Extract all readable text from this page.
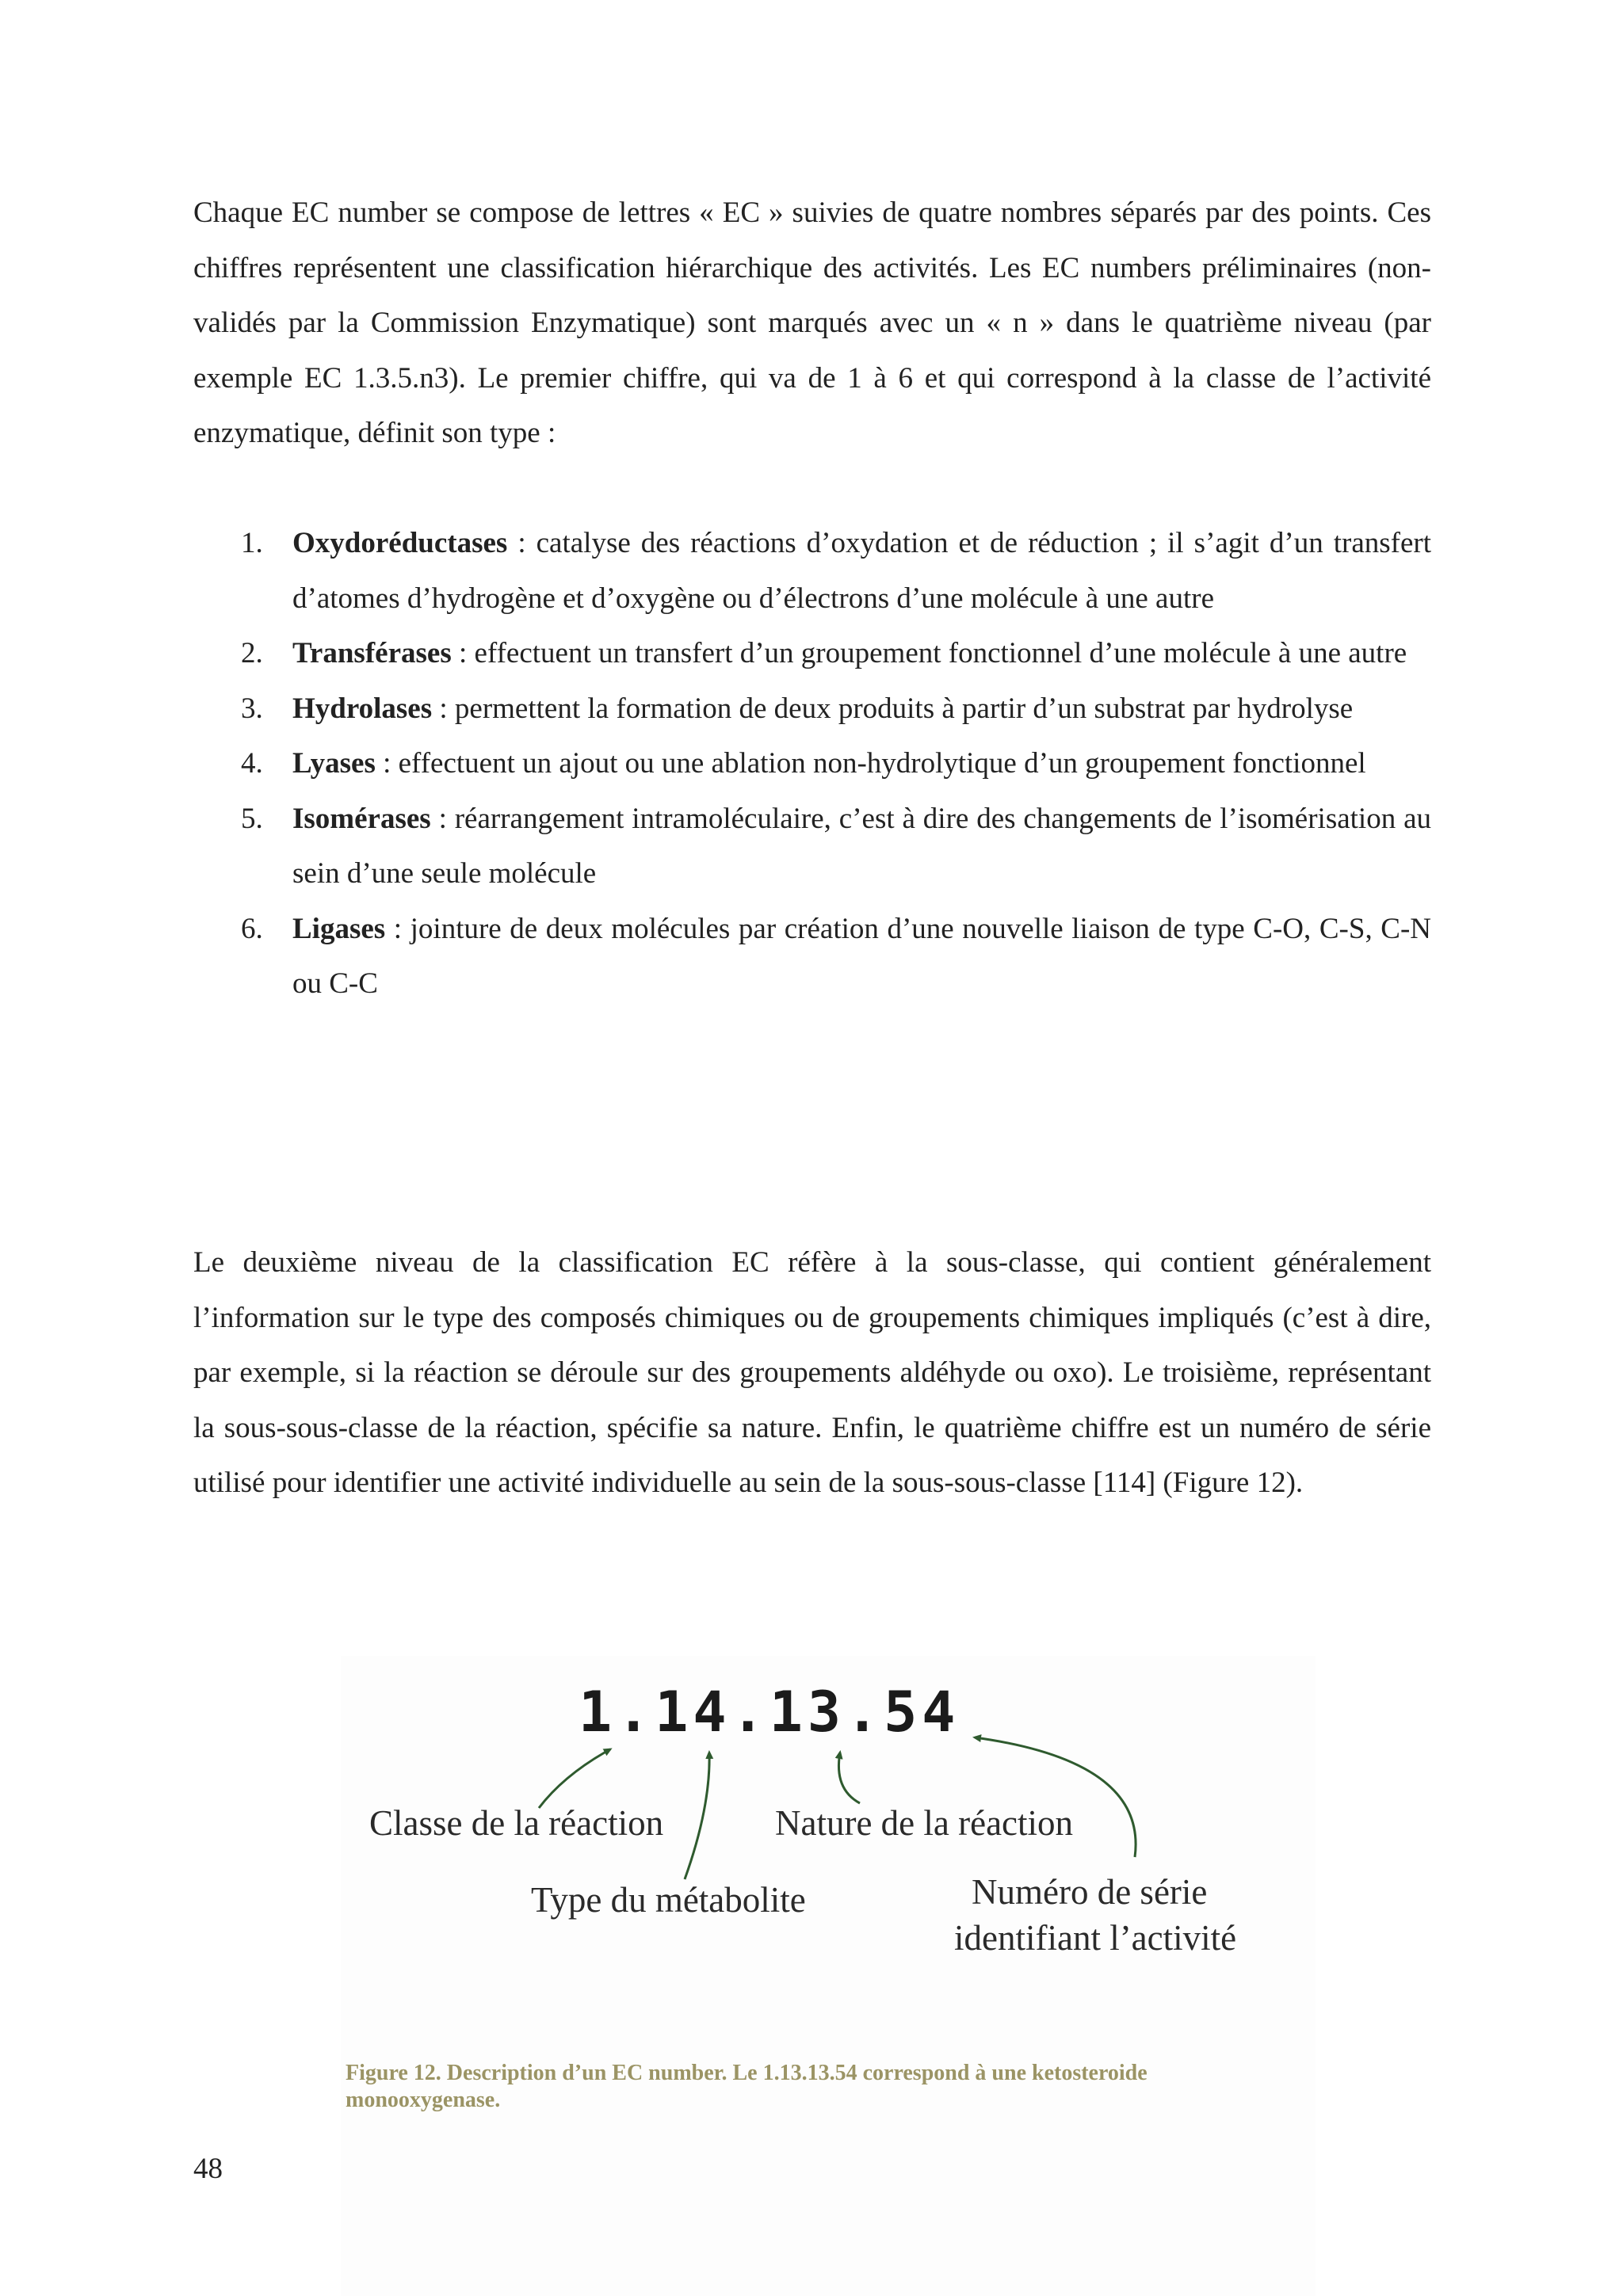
Chaque EC number se compose de lettres « EC » suivies de quatre nombres séparés par des points. Ces chiffres représentent une classification hiérarchique des activités. Les EC numbers préliminaires (non-validés par la Commission Enzymatique) sont marqués avec un « n » dans le quatrième niveau (par exemple EC 1.3.5.n3). Le premier chiffre, qui va de 1 à 6 et qui correspond à la classe de l’activité enzymatique, définit son type :

1. Oxydoréductases : catalyse des réactions d’oxydation et de réduction ; il s’agit d’un transfert d’atomes d’hydrogène et d’oxygène ou d’électrons d’une molécule à une autre
2. Transférases : effectuent un transfert d’un groupement fonctionnel d’une molécule à une autre
3. Hydrolases : permettent la formation de deux produits à partir d’un substrat par hydrolyse
4. Lyases : effectuent un ajout ou une ablation non-hydrolytique d’un groupement fonctionnel
5. Isomérases : réarrangement intramoléculaire, c’est à dire des changements de l’isomérisation au sein d’une seule molécule
6. Ligases : jointure de deux molécules par création d’une nouvelle liaison de type C-O, C-S, C-N ou C-C

Le deuxième niveau de la classification EC réfère à la sous-classe, qui contient généralement l’information sur le type des composés chimiques ou de groupements chimiques impliqués (c’est à dire, par exemple, si la réaction se déroule sur des groupements aldéhyde ou oxo). Le troisième, représentant la sous-sous-classe de la réaction, spécifie sa nature. Enfin, le quatrième chiffre est un numéro de série utilisé pour identifier une activité individuelle au sein de la sous-sous-classe [114] (Figure 12).

1.14.13.54
Classe de la réaction	Nature de la réaction
Type du métabolite	Numéro de série
identifiant l’activité
Figure 12. Description d’un EC number. Le 1.13.13.54 correspond à une ketosteroide monooxygenase.
48
